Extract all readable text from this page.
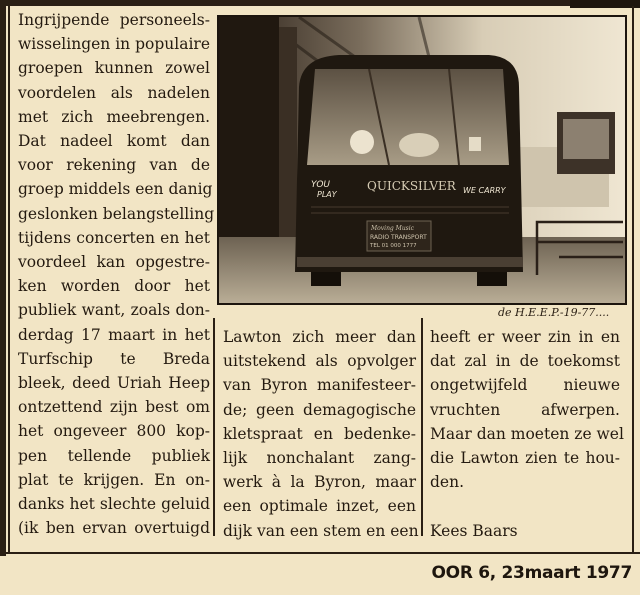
Ingrijpende personeels-
wisselingen in populaire
groepen kunnen zowel
voordelen als nadelen
met zich meebrengen.
Dat nadeel komt dan
voor rekening van de
groep middels een danig
geslonken belangstelling
tijdens concerten en het
voordeel kan opgestre-
ken worden door het
publiek want, zoals don-
derdag 17 maart in het
Turfschip te Breda
bleek, deed Uriah Heep
ontzettend zijn best om
het ongeveer 800 kop-
pen tellende publiek
plat te krijgen. En on-
danks het slechte geluid
(ik ben ervan overtuigd
YOU
PLAY
QUICKSILVER WE CARRY
Moving Music
RADIO TRANSPORT
TEL 01 000 1777
de H.E.E.P.-19-77....
Lawton zich meer dan
uitstekend als opvolger
van Byron manifesteer-
de; geen demagogische
kletspraat en bedenke-
lijk nonchalant zang-
werk à la Byron, maar
een optimale inzet, een
dijk van een stem en een
heeft er weer zin in en
dat zal in de toekomst
ongetwijfeld nieuwe
vruchten afwerpen.
Maar dan moeten ze wel
die Lawton zien te hou-
den.

Kees Baars
OOR 6, 23maart 1977
